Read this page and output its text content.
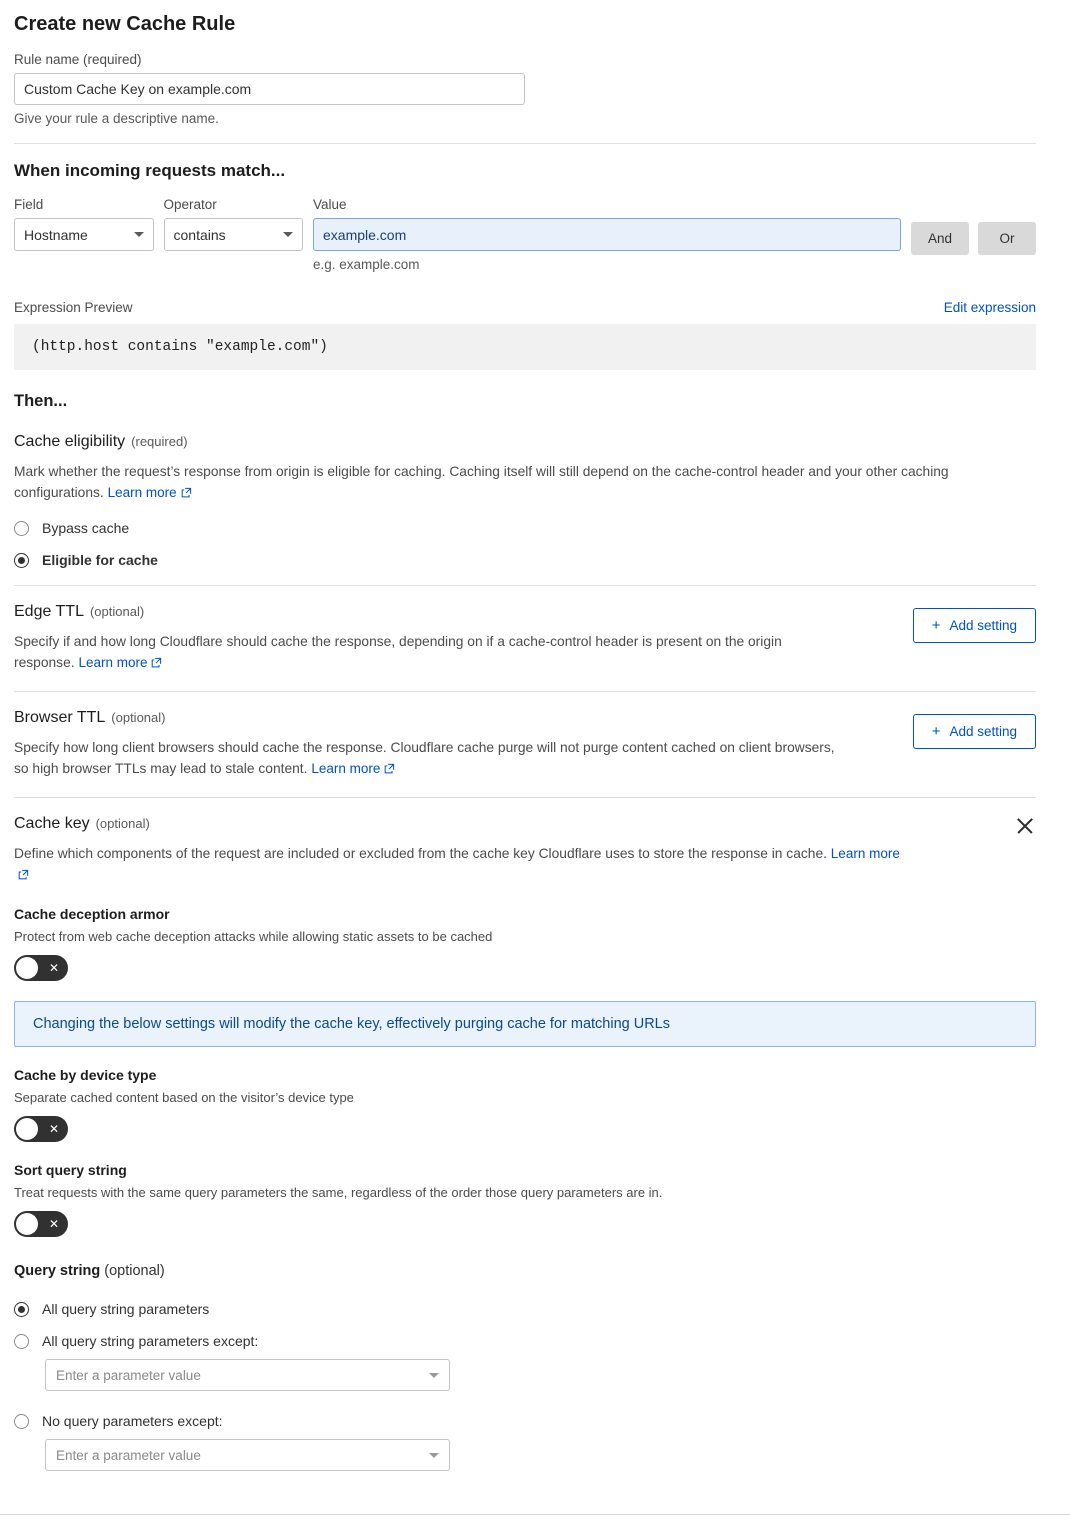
Create new Cache Rule
Rule name (required)
Custom Cache Key on example.com
Give your rule a descriptive name.
When incoming requests match...
Field
Hostname
Operator
contains
Value
example.com
e.g. example.com
And	Or
Expression Preview	Edit expression
(http.host contains "example.com")
Then...
Cache eligibility (required)
Mark whether the request’s response from origin is eligible for caching. Caching itself will still depend on the cache-control header and your other caching configurations. Learn more
Bypass cache
Eligible for cache
Edge TTL (optional)
Specify if and how long Cloudflare should cache the response, depending on if a cache-control header is present on the origin response. Learn more
+ Add setting
Browser TTL (optional)
Specify how long client browsers should cache the response. Cloudflare cache purge will not purge content cached on client browsers, so high browser TTLs may lead to stale content. Learn more
+ Add setting
Cache key (optional)
Define which components of the request are included or excluded from the cache key Cloudflare uses to store the response in cache. Learn more
Cache deception armor
Protect from web cache deception attacks while allowing static assets to be cached
✕
Changing the below settings will modify the cache key, effectively purging cache for matching URLs
Cache by device type
Separate cached content based on the visitor’s device type
✕
Sort query string
Treat requests with the same query parameters the same, regardless of the order those query parameters are in.
✕
Query string (optional)
All query string parameters
All query string parameters except:
Enter a parameter value
No query parameters except:
Enter a parameter value
